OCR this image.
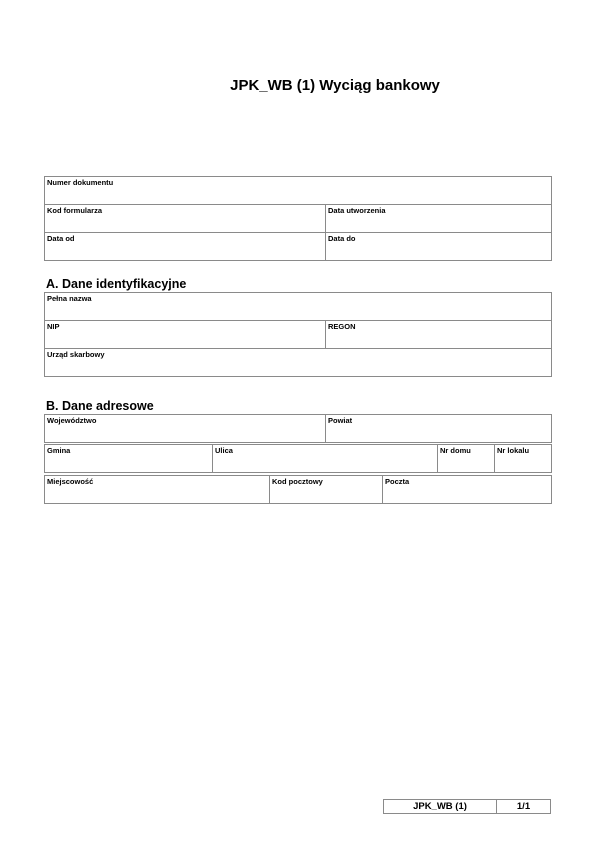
JPK_WB (1) Wyciąg bankowy
Numer dokumentu	
Kod formularza	Data utworzenia
Data od	Data do
A. Dane identyfikacyjne
Pełna nazwa
NIP	REGON
Urząd skarbowy
B. Dane adresowe
Województwo	Powiat
Gmina	Ulica	Nr domu	Nr lokalu
Miejscowość	Kod pocztowy	Poczta
JPK_WB (1)	1/1
